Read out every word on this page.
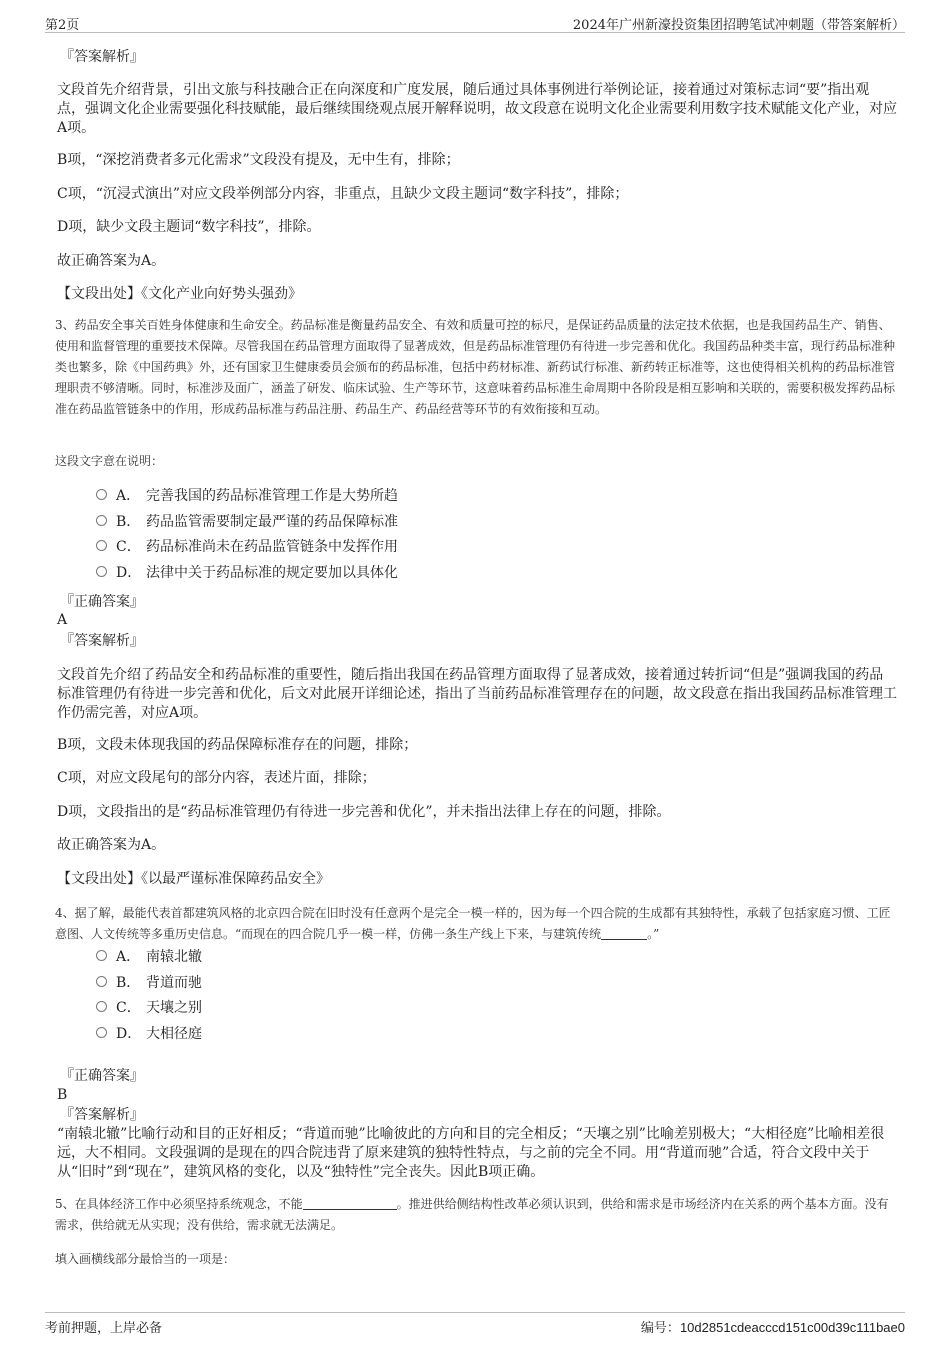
第2页	2024年广州新濠投资集团招聘笔试冲刺题（带答案解析）
『答案解析』
文段首先介绍背景，引出文旅与科技融合正在向深度和广度发展，随后通过具体事例进行举例论证，接着通过对策标志词“要”指出观点，强调文化企业需要强化科技赋能，最后继续围绕观点展开解释说明，故文段意在说明文化企业需要利用数字技术赋能文化产业，对应A项。
B项，“深挖消费者多元化需求”文段没有提及，无中生有，排除；
C项，“沉浸式演出”对应文段举例部分内容，非重点，且缺少文段主题词“数字科技”，排除；
D项，缺少文段主题词“数字科技”，排除。
故正确答案为A。
【文段出处】《文化产业向好势头强劲》
3、药品安全事关百姓身体健康和生命安全。药品标准是衡量药品安全、有效和质量可控的标尺，是保证药品质量的法定技术依据，也是我国药品生产、销售、使用和监督管理的重要技术保障。尽管我国在药品管理方面取得了显著成效，但是药品标准管理仍有待进一步完善和优化。我国药品种类丰富，现行药品标准种类也繁多，除《中国药典》外，还有国家卫生健康委员会颁布的药品标准，包括中药材标准、新药试行标准、新药转正标准等，这也使得相关机构的药品标准管理职责不够清晰。同时，标准涉及面广，涵盖了研发、临床试验、生产等环节，这意味着药品标准生命周期中各阶段是相互影响和关联的，需要积极发挥药品标准在药品监管链条中的作用，形成药品标准与药品注册、药品生产、药品经营等环节的有效衔接和互动。
这段文字意在说明：
A． 完善我国的药品标准管理工作是大势所趋
B． 药品监管需要制定最严谨的药品保障标准
C． 药品标准尚未在药品监管链条中发挥作用
D． 法律中关于药品标准的规定要加以具体化
『正确答案』
A
『答案解析』
文段首先介绍了药品安全和药品标准的重要性，随后指出我国在药品管理方面取得了显著成效，接着通过转折词“但是”强调我国的药品标准管理仍有待进一步完善和优化，后文对此展开详细论述，指出了当前药品标准管理存在的问题，故文段意在指出我国药品标准管理工作仍需完善，对应A项。
B项，文段未体现我国的药品保障标准存在的问题，排除；
C项，对应文段尾句的部分内容，表述片面，排除；
D项，文段指出的是“药品标准管理仍有待进一步完善和优化”，并未指出法律上存在的问题，排除。
故正确答案为A。
【文段出处】《以最严谨标准保障药品安全》
4、据了解，最能代表首都建筑风格的北京四合院在旧时没有任意两个是完全一模一样的，因为每一个四合院的生成都有其独特性，承载了包括家庭习惯、工匠意图、人文传统等多重历史信息。“而现在的四合院几乎一模一样，仿佛一条生产线上下来，与建筑传统	。”
A． 南辕北辙
B． 背道而驰
C． 天壤之别
D． 大相径庭
『正确答案』
B
『答案解析』
“南辕北辙”比喻行动和目的正好相反；“背道而驰”比喻彼此的方向和目的完全相反；“天壤之别”比喻差别极大；“大相径庭”比喻相差很远，大不相同。文段强调的是现在的四合院违背了原来建筑的独特性特点，与之前的完全不同。用“背道而驰”合适，符合文段中关于从“旧时”到“现在”，建筑风格的变化，以及“独特性”完全丧失。因此B项正确。
5、在具体经济工作中必须坚持系统观念，不能	。推进供给侧结构性改革必须认识到，供给和需求是市场经济内在关系的两个基本方面。没有需求，供给就无从实现；没有供给，需求就无法满足。
填入画横线部分最恰当的一项是：
考前押题，上岸必备	编号：10d2851cdeacccd151c00d39c111bae0
